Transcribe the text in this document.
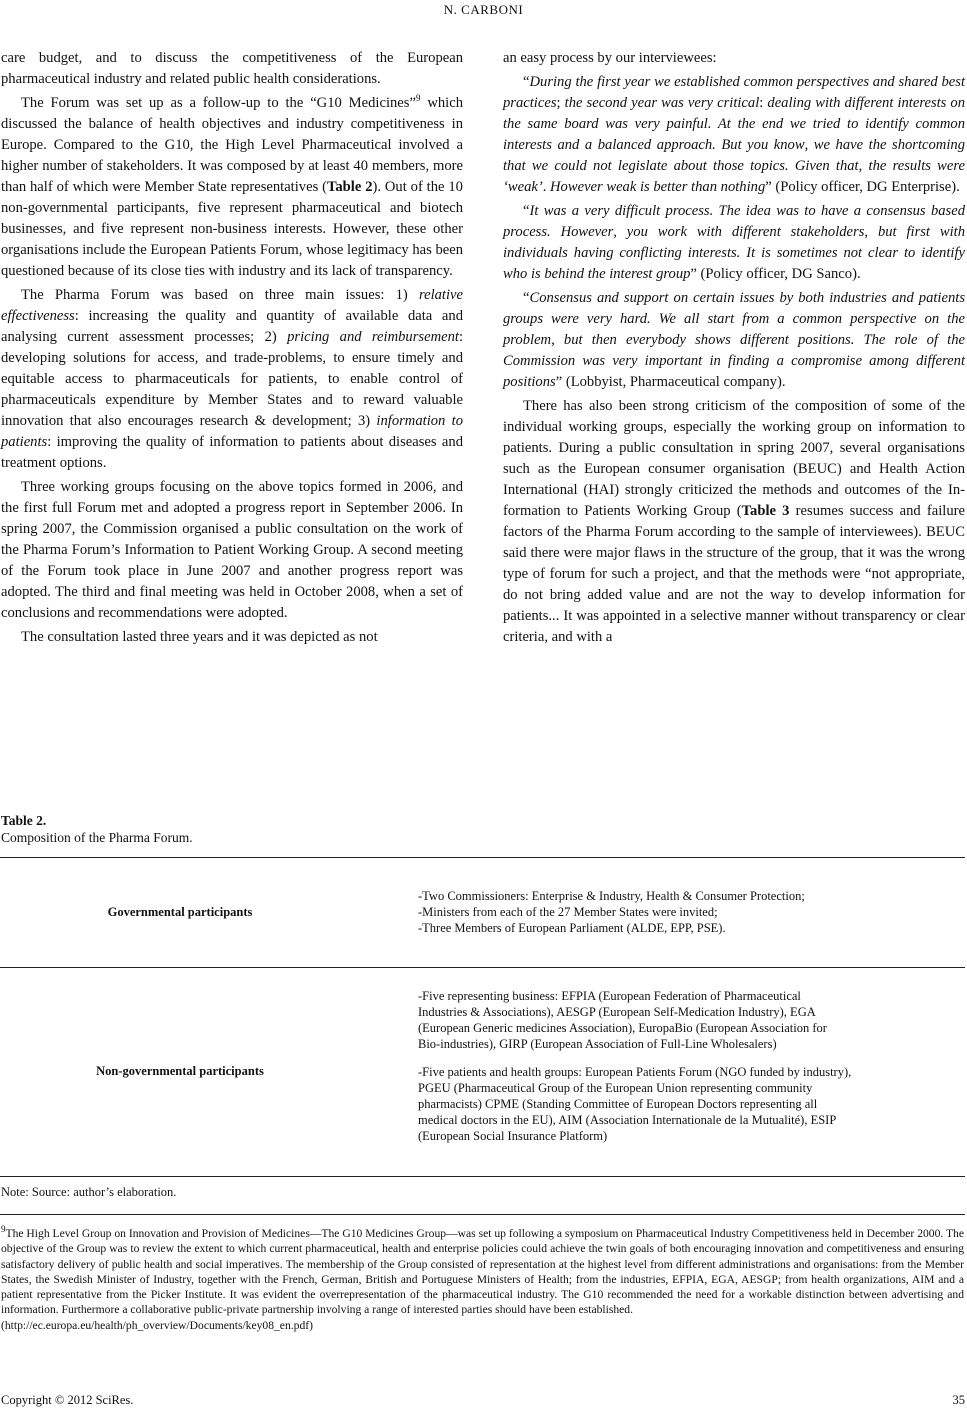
N. CARBONI

care budget, and to discuss the competitiveness of the European pharmaceutical industry and related public health considerations.

The Forum was set up as a follow-up to the “G10 Medicines”$^9$ which discussed the balance of health objectives and industry competitiveness in Europe. Compared to the G10, the High Level Pharmaceutical involved a higher number of stakeholders. It was composed by at least 40 members, more than half of which were Member State representatives (Table 2). Out of the 10 non-governmental participants, five represent pharmaceutical and biotech businesses, and five represent non-business interests. However, these other organisations include the European Patients Forum, whose legitimacy has been questioned because of its close ties with industry and its lack of transparency.

The Pharma Forum was based on three main issues: 1) relative effectiveness: increasing the quality and quantity of available data and analysing current assessment processes; 2) pricing and reimbursement: developing solutions for access, and trade-problems, to ensure timely and equitable access to pharmaceuticals for patients, to enable control of pharmaceuticals expenditure by Member States and to reward valuable innovation that also encourages research & development; 3) information to patients: improving the quality of information to patients about diseases and treatment options.

Three working groups focusing on the above topics formed in 2006, and the first full Forum met and adopted a progress report in September 2006. In spring 2007, the Commission organised a public consultation on the work of the Pharma Forum’s Information to Patient Working Group. A second meeting of the Forum took place in June 2007 and another progress report was adopted. The third and final meeting was held in October 2008, when a set of conclusions and recommendations were adopted.

The consultation lasted three years and it was depicted as not

an easy process by our interviewees:

“During the first year we established common perspectives and shared best practices; the second year was very critical: dealing with different interests on the same board was very painful. At the end we tried to identify common interests and a balanced approach. But you know, we have the shortcoming that we could not legislate about those topics. Given that, the results were ‘weak’. However weak is better than nothing” (Policy officer, DG Enterprise).

“It was a very difficult process. The idea was to have a consensus based process. However, you work with different stakeholders, but first with individuals having conflicting interests. It is sometimes not clear to identify who is behind the interest group” (Policy officer, DG Sanco).

“Consensus and support on certain issues by both industries and patients groups were very hard. We all start from a common perspective on the problem, but then everybody shows different positions. The role of the Commission was very important in finding a compromise among different positions” (Lobbyist, Pharmaceutical company).

There has also been strong criticism of the composition of some of the individual working groups, especially the working group on information to patients. During a public consultation in spring 2007, several organisations such as the European consumer organisation (BEUC) and Health Action International (HAI) strongly criticized the methods and outcomes of the Information to Patients Working Group (Table 3 resumes success and failure factors of the Pharma Forum according to the sample of interviewees). BEUC said there were major flaws in the structure of the group, that it was the wrong type of forum for such a project, and that the methods were “not appropriate, do not bring added value and are not the way to develop information for patients... It was appointed in a selective manner without transparency or clear criteria, and with a

Table 2.
Composition of the Pharma Forum.
Governmental participants
-Two Commissioners: Enterprise & Industry, Health & Consumer Protection;
-Ministers from each of the 27 Member States were invited;
-Three Members of European Parliament (ALDE, EPP, PSE).
Non-governmental participants
-Five representing business: EFPIA (European Federation of Pharmaceutical
Industries & Associations), AESGP (European Self-Medication Industry), EGA
(European Generic medicines Association), EuropaBio (European Association for
Bio-industries), GIRP (European Association of Full-Line Wholesalers)
-Five patients and health groups: European Patients Forum (NGO funded by industry),
PGEU (Pharmaceutical Group of the European Union representing community
pharmacists) CPME (Standing Committee of European Doctors representing all
medical doctors in the EU), AIM (Association Internationale de la Mutualité), ESIP
(European Social Insurance Platform)
Note: Source: author’s elaboration.
$^9$The High Level Group on Innovation and Provision of Medicines—The G10 Medicines Group—was set up following a symposium on Pharmaceutical Industry Competitiveness held in December 2000. The objective of the Group was to review the extent to which current pharmaceutical, health and enterprise policies could achieve the twin goals of both encouraging innovation and competitiveness and ensuring satisfactory delivery of public health and social imperatives. The membership of the Group consisted of representation at the highest level from different administrations and organisations: from the Member States, the Swedish Minister of Industry, together with the French, German, British and Portuguese Ministers of Health; from the industries, EFPIA, EGA, AESGP; from health organizations, AIM and a patient representative from the Picker Institute. It was evident the overrepresentation of the pharmaceutical industry. The G10 recommended the need for a workable distinction between advertising and information. Furthermore a collaborative public-private partnership involving a range of interested parties should have been established.
(http://ec.europa.eu/health/ph_overview/Documents/key08_en.pdf)
Copyright © 2012 SciRes.	35
